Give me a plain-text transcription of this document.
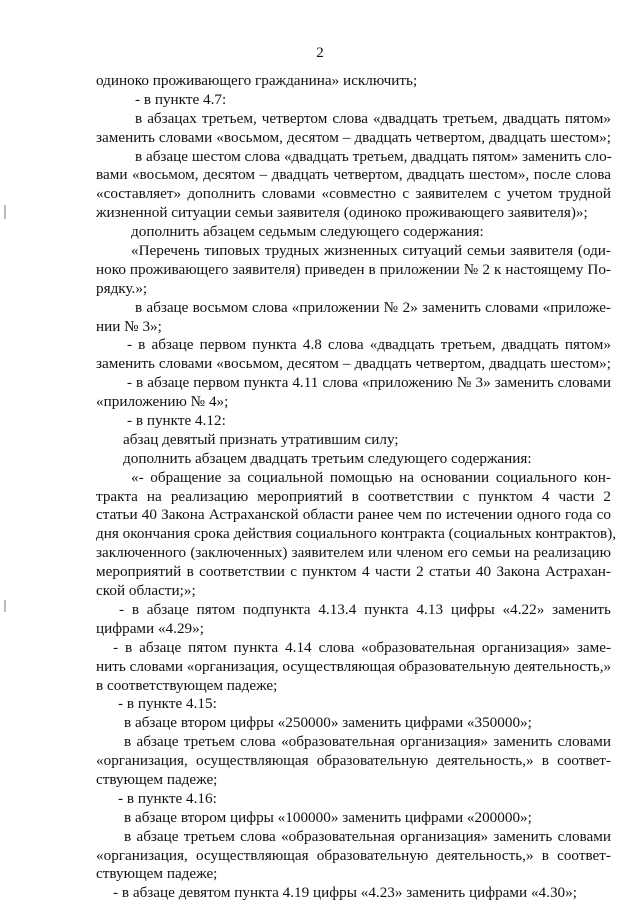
2
одиноко проживающего гражданина» исключить;
- в пункте 4.7:
в абзацах третьем, четвертом слова «двадцать третьем, двадцать пятом»
заменить словами «восьмом, десятом – двадцать четвертом, двадцать шестом»;
в абзаце шестом слова «двадцать третьем, двадцать пятом» заменить сло-
вами «восьмом, десятом – двадцать четвертом, двадцать шестом», после слова
«составляет» дополнить словами «совместно с заявителем с учетом трудной
жизненной ситуации семьи заявителя (одиноко проживающего заявителя)»;
дополнить абзацем седьмым следующего содержания:
«Перечень типовых трудных жизненных ситуаций семьи заявителя (оди-
ноко проживающего заявителя) приведен в приложении № 2 к настоящему По-
рядку.»;
в абзаце восьмом слова «приложении № 2» заменить словами «приложе-
нии № 3»;
- в абзаце первом пункта 4.8 слова «двадцать третьем, двадцать пятом»
заменить словами «восьмом, десятом – двадцать четвертом, двадцать шестом»;
- в абзаце первом пункта 4.11 слова «приложению № 3» заменить словами
«приложению № 4»;
- в пункте 4.12:
абзац девятый признать утратившим силу;
дополнить абзацем двадцать третьим следующего содержания:
«- обращение за социальной помощью на основании социального кон-
тракта на реализацию мероприятий в соответствии с пунктом 4 части 2
статьи 40 Закона Астраханской области ранее чем по истечении одного года со
дня окончания срока действия социального контракта (социальных контрактов),
заключенного (заключенных) заявителем или членом его семьи на реализацию
мероприятий в соответствии с пунктом 4 части 2 статьи 40 Закона Астрахан-
ской области;»;
- в абзаце пятом подпункта 4.13.4 пункта 4.13 цифры «4.22» заменить
цифрами «4.29»;
- в абзаце пятом пункта 4.14 слова «образовательная организация» заме-
нить словами «организация, осуществляющая образовательную деятельность,»
в соответствующем падеже;
- в пункте 4.15:
в абзаце втором цифры «250000» заменить цифрами «350000»;
в абзаце третьем слова «образовательная организация» заменить словами
«организация, осуществляющая образовательную деятельность,» в соответ-
ствующем падеже;
- в пункте 4.16:
в абзаце втором цифры «100000» заменить цифрами «200000»;
в абзаце третьем слова «образовательная организация» заменить словами
«организация, осуществляющая образовательную деятельность,» в соответ-
ствующем падеже;
- в абзаце девятом пункта 4.19 цифры «4.23» заменить цифрами «4.30»;
